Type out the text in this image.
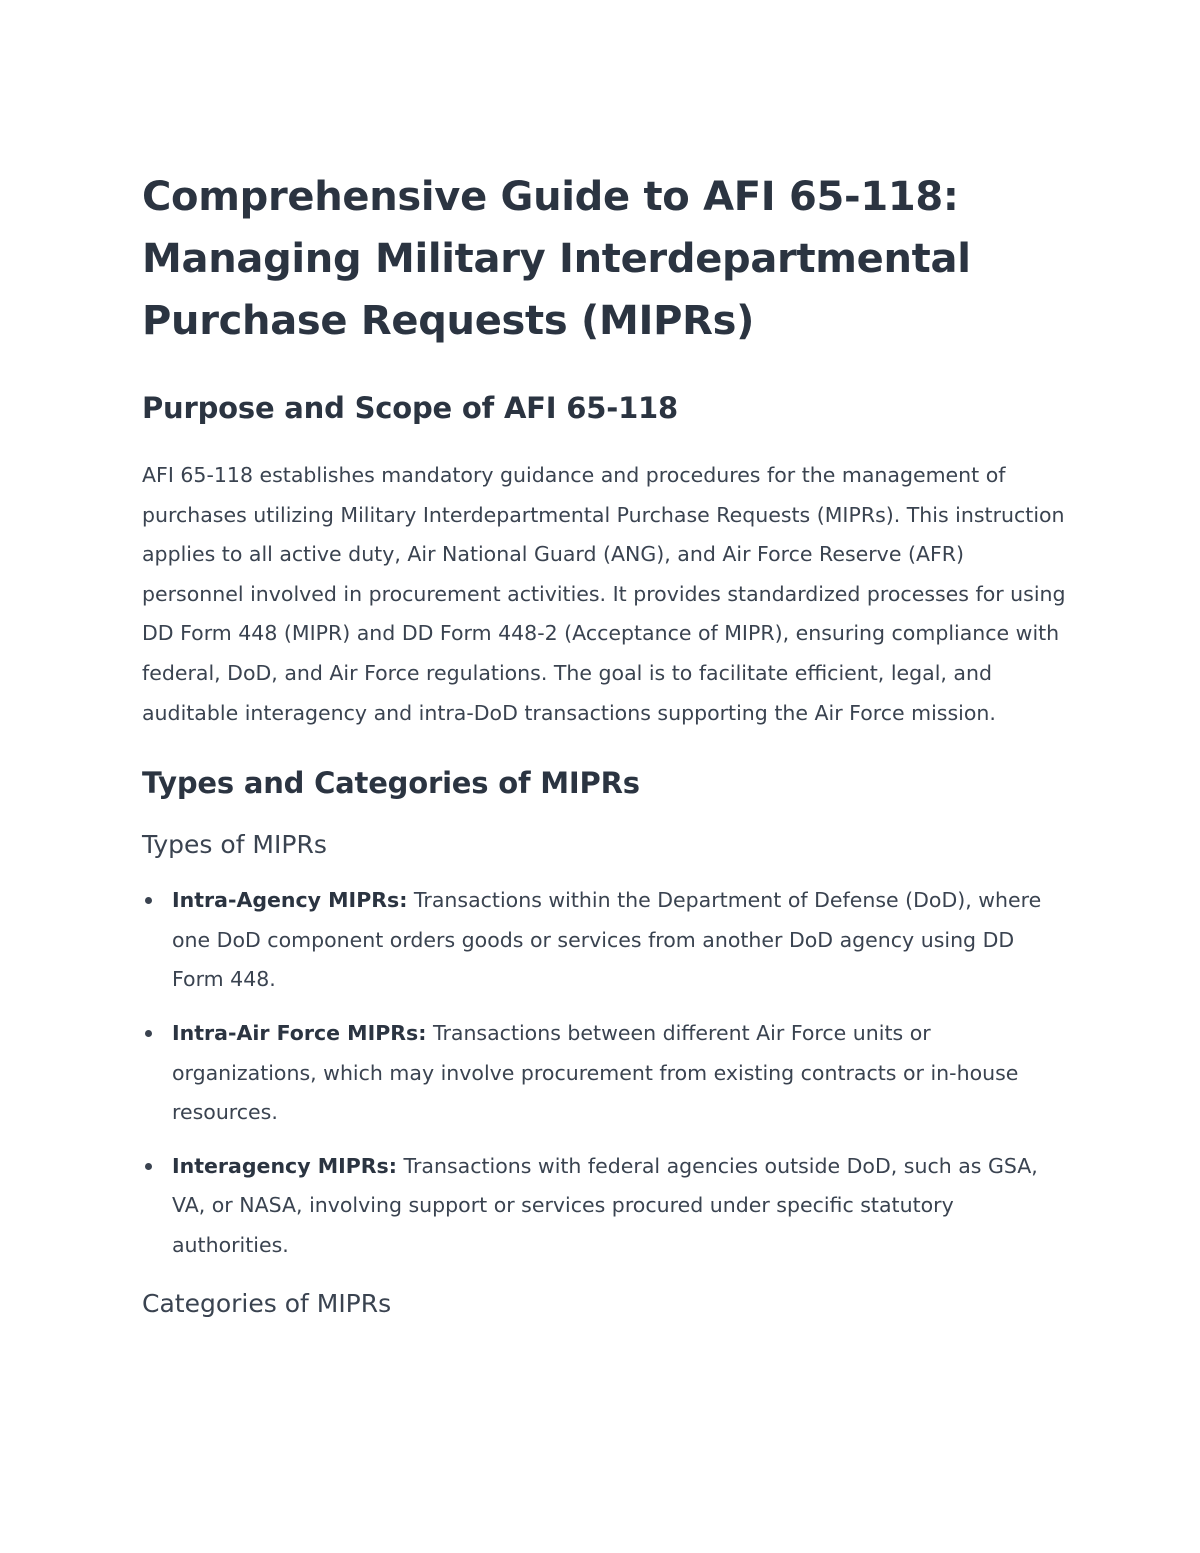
Comprehensive Guide to AFI 65-118: Managing Military Interdepartmental Purchase Requests (MIPRs)
Purpose and Scope of AFI 65-118

AFI 65-118 establishes mandatory guidance and procedures for the management of purchases utilizing Military Interdepartmental Purchase Requests (MIPRs). This instruction applies to all active duty, Air National Guard (ANG), and Air Force Reserve (AFR) personnel involved in procurement activities. It provides standardized processes for using DD Form 448 (MIPR) and DD Form 448-2 (Acceptance of MIPR), ensuring compliance with federal, DoD, and Air Force regulations. The goal is to facilitate efficient, legal, and auditable interagency and intra-DoD transactions supporting the Air Force mission.

Types and Categories of MIPRs
Types of MIPRs
Intra-Agency MIPRs: Transactions within the Department of Defense (DoD), where one DoD component orders goods or services from another DoD agency using DD Form 448.
Intra-Air Force MIPRs: Transactions between different Air Force units or organizations, which may involve procurement from existing contracts or in-house resources.
Interagency MIPRs: Transactions with federal agencies outside DoD, such as GSA, VA, or NASA, involving support or services procured under specific statutory authorities.
Categories of MIPRs
